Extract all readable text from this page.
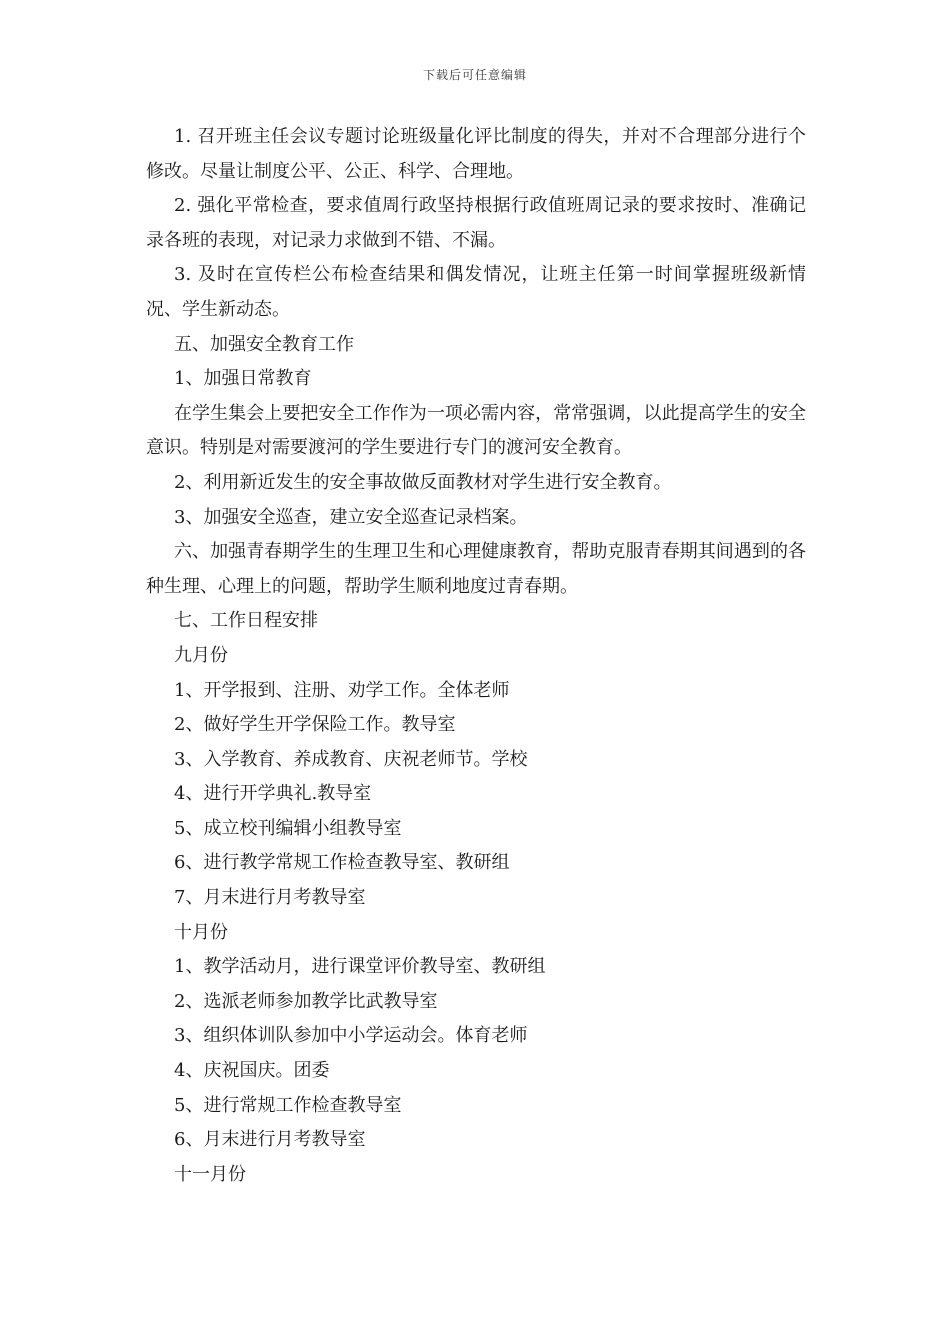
下载后可任意编辑

1. 召开班主任会议专题讨论班级量化评比制度的得失，并对不合理部分进行个修改。尽量让制度公平、公正、科学、合理地。

2. 强化平常检查，要求值周行政坚持根据行政值班周记录的要求按时、准确记录各班的表现，对记录力求做到不错、不漏。

3. 及时在宣传栏公布检查结果和偶发情况，让班主任第一时间掌握班级新情况、学生新动态。

五、加强安全教育工作

1、加强日常教育

在学生集会上要把安全工作作为一项必需内容，常常强调，以此提高学生的安全意识。特别是对需要渡河的学生要进行专门的渡河安全教育。

2、利用新近发生的安全事故做反面教材对学生进行安全教育。

3、加强安全巡查，建立安全巡查记录档案。

六、加强青春期学生的生理卫生和心理健康教育，帮助克服青春期其间遇到的各种生理、心理上的问题，帮助学生顺利地度过青春期。

七、工作日程安排

九月份

1、开学报到、注册、劝学工作。全体老师

2、做好学生开学保险工作。教导室

3、入学教育、养成教育、庆祝老师节。学校

4、进行开学典礼.教导室

5、成立校刊编辑小组教导室

6、进行教学常规工作检查教导室、教研组

7、月末进行月考教导室

十月份

1、教学活动月，进行课堂评价教导室、教研组

2、选派老师参加教学比武教导室

3、组织体训队参加中小学运动会。体育老师

4、庆祝国庆。团委

5、进行常规工作检查教导室

6、月末进行月考教导室

十一月份
